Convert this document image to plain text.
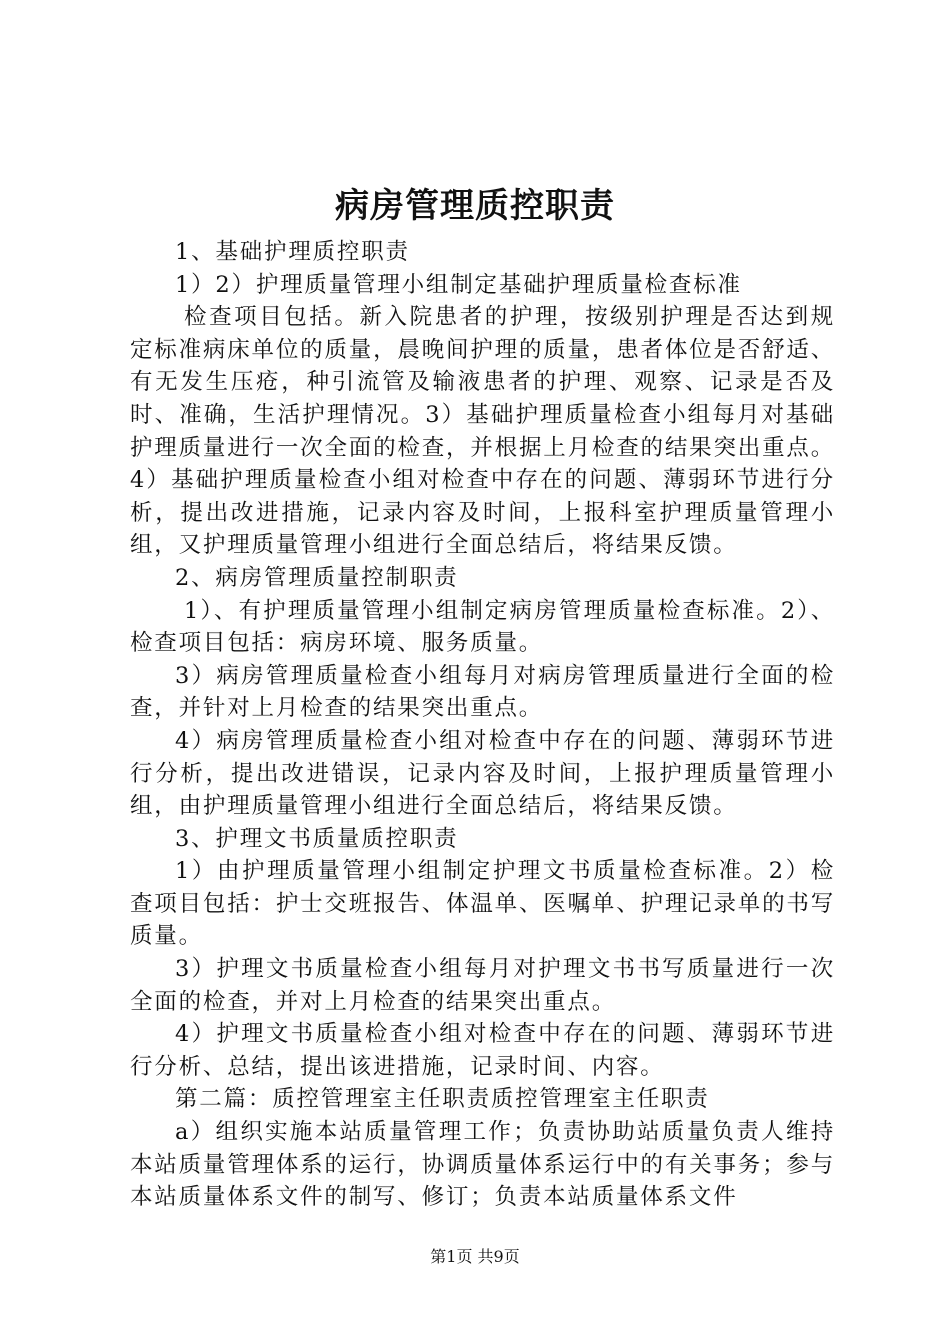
病房管理质控职责

1、基础护理质控职责

1）2）护理质量管理小组制定基础护理质量检查标准

检查项目包括。新入院患者的护理，按级别护理是否达到规定标准病床单位的质量，晨晚间护理的质量，患者体位是否舒适、有无发生压疮，种引流管及输液患者的护理、观察、记录是否及时、准确，生活护理情况。3）基础护理质量检查小组每月对基础护理质量进行一次全面的检查，并根据上月检查的结果突出重点。4）基础护理质量检查小组对检查中存在的问题、薄弱环节进行分析，提出改进措施，记录内容及时间，上报科室护理质量管理小组，又护理质量管理小组进行全面总结后，将结果反馈。

2、病房管理质量控制职责

1）、有护理质量管理小组制定病房管理质量检查标准。2）、检查项目包括：病房环境、服务质量。

3）病房管理质量检查小组每月对病房管理质量进行全面的检查，并针对上月检查的结果突出重点。

4）病房管理质量检查小组对检查中存在的问题、薄弱环节进行分析，提出改进错误，记录内容及时间，上报护理质量管理小组，由护理质量管理小组进行全面总结后，将结果反馈。

3、护理文书质量质控职责

1）由护理质量管理小组制定护理文书质量检查标准。2）检查项目包括：护士交班报告、体温单、医嘱单、护理记录单的书写质量。

3）护理文书质量检查小组每月对护理文书书写质量进行一次全面的检查，并对上月检查的结果突出重点。

4）护理文书质量检查小组对检查中存在的问题、薄弱环节进行分析、总结，提出该进措施，记录时间、内容。

第二篇：质控管理室主任职责质控管理室主任职责

a）组织实施本站质量管理工作；负责协助站质量负责人维持本站质量管理体系的运行，协调质量体系运行中的有关事务；参与本站质量体系文件的制写、修订；负责本站质量体系文件

第1页 共9页
